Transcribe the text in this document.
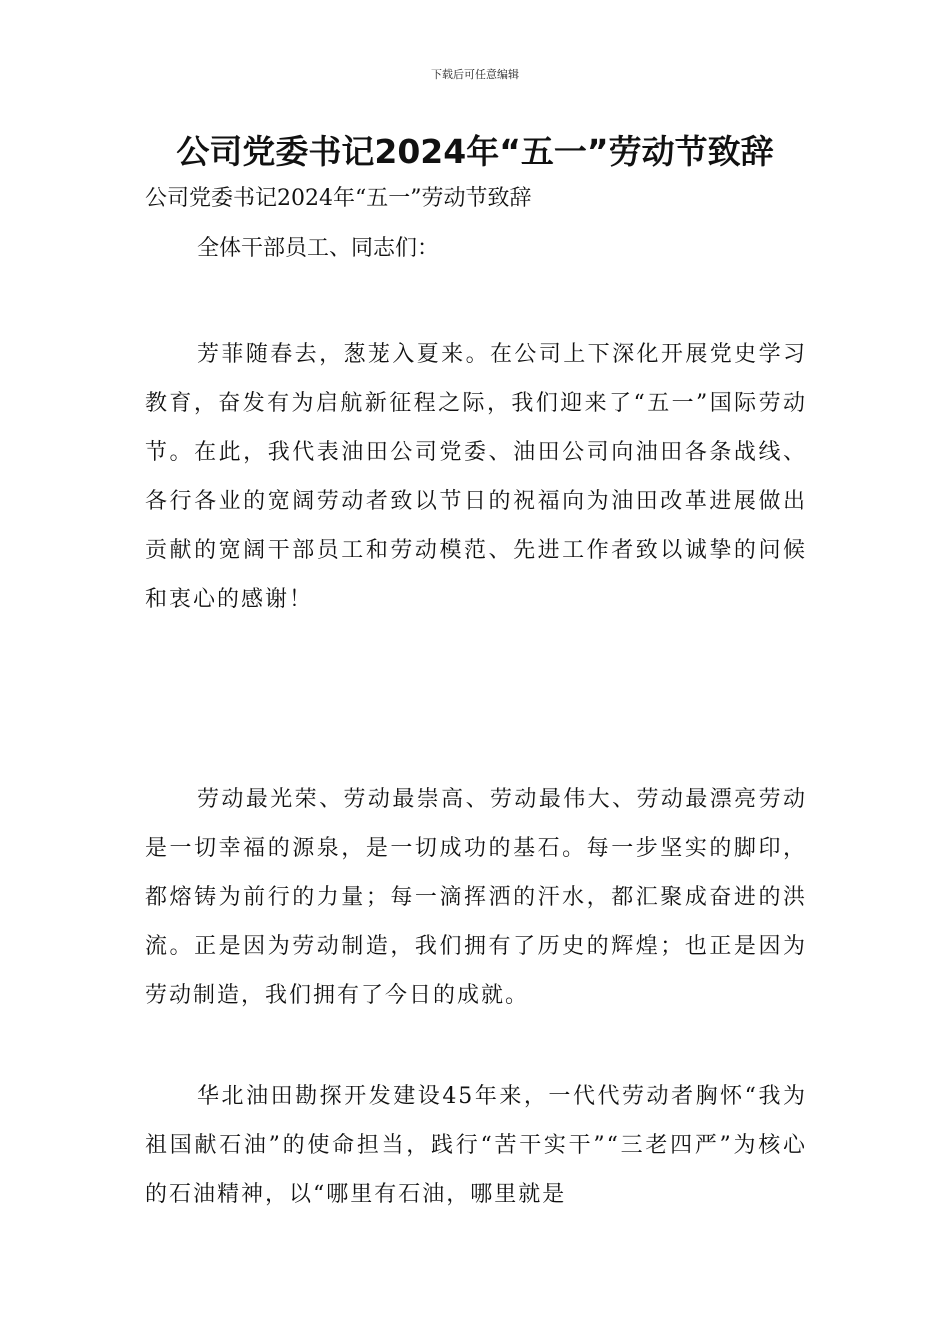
下载后可任意编辑
公司党委书记2024年“五一”劳动节致辞

公司党委书记2024年“五一”劳动节致辞

全体干部员工、同志们：

芳菲随春去，葱茏入夏来。在公司上下深化开展党史学习教育，奋发有为启航新征程之际，我们迎来了“五一”国际劳动节。在此，我代表油田公司党委、油田公司向油田各条战线、各行各业的宽阔劳动者致以节日的祝福向为油田改革进展做出贡献的宽阔干部员工和劳动模范、先进工作者致以诚挚的问候和衷心的感谢！

劳动最光荣、劳动最崇高、劳动最伟大、劳动最漂亮劳动是一切幸福的源泉，是一切成功的基石。每一步坚实的脚印，都熔铸为前行的力量；每一滴挥洒的汗水，都汇聚成奋进的洪流。正是因为劳动制造，我们拥有了历史的辉煌；也正是因为劳动制造，我们拥有了今日的成就。

华北油田勘探开发建设45年来，一代代劳动者胸怀“我为祖国献石油”的使命担当，践行“苦干实干”“三老四严”为核心的石油精神，以“哪里有石油，哪里就是
